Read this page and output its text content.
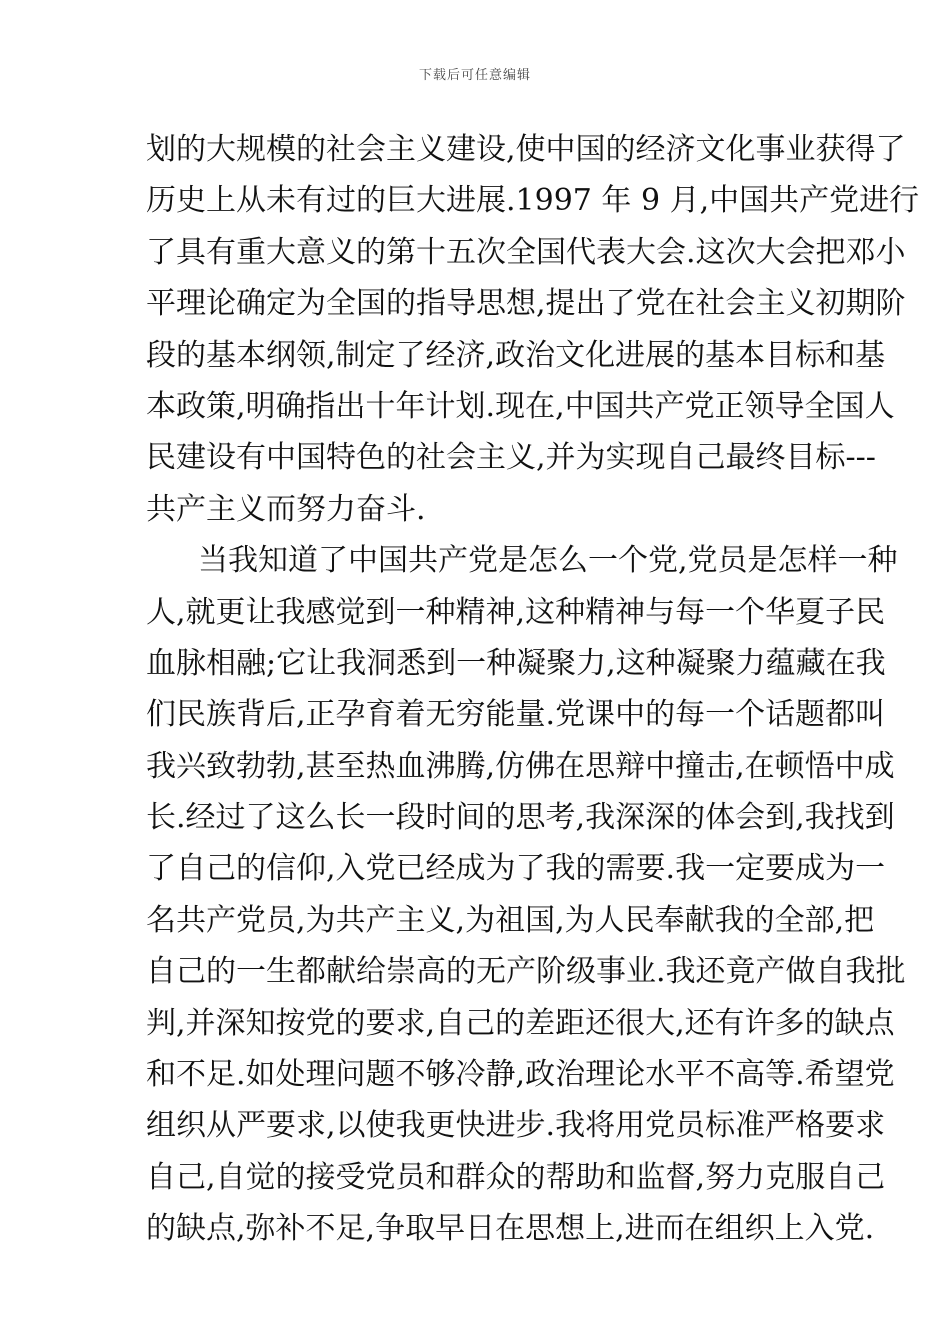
下载后可任意编辑
划的大规模的社会主义建设,使中国的经济文化事业获得了
历史上从未有过的巨大进展.1997 年 9 月,中国共产党进行
了具有重大意义的第十五次全国代表大会.这次大会把邓小
平理论确定为全国的指导思想,提出了党在社会主义初期阶
段的基本纲领,制定了经济,政治文化进展的基本目标和基
本政策,明确指出十年计划.现在,中国共产党正领导全国人
民建设有中国特色的社会主义,并为实现自己最终目标---
共产主义而努力奋斗.
当我知道了中国共产党是怎么一个党,党员是怎样一种
人,就更让我感觉到一种精神,这种精神与每一个华夏子民
血脉相融;它让我洞悉到一种凝聚力,这种凝聚力蕴藏在我
们民族背后,正孕育着无穷能量.党课中的每一个话题都叫
我兴致勃勃,甚至热血沸腾,仿佛在思辩中撞击,在顿悟中成
长.经过了这么长一段时间的思考,我深深的体会到,我找到
了自己的信仰,入党已经成为了我的需要.我一定要成为一
名共产党员,为共产主义,为祖国,为人民奉献我的全部,把
自己的一生都献给崇高的无产阶级事业.我还竟产做自我批
判,并深知按党的要求,自己的差距还很大,还有许多的缺点
和不足.如处理问题不够冷静,政治理论水平不高等.希望党
组织从严要求,以使我更快进步.我将用党员标准严格要求
自己,自觉的接受党员和群众的帮助和监督,努力克服自己
的缺点,弥补不足,争取早日在思想上,进而在组织上入党.
